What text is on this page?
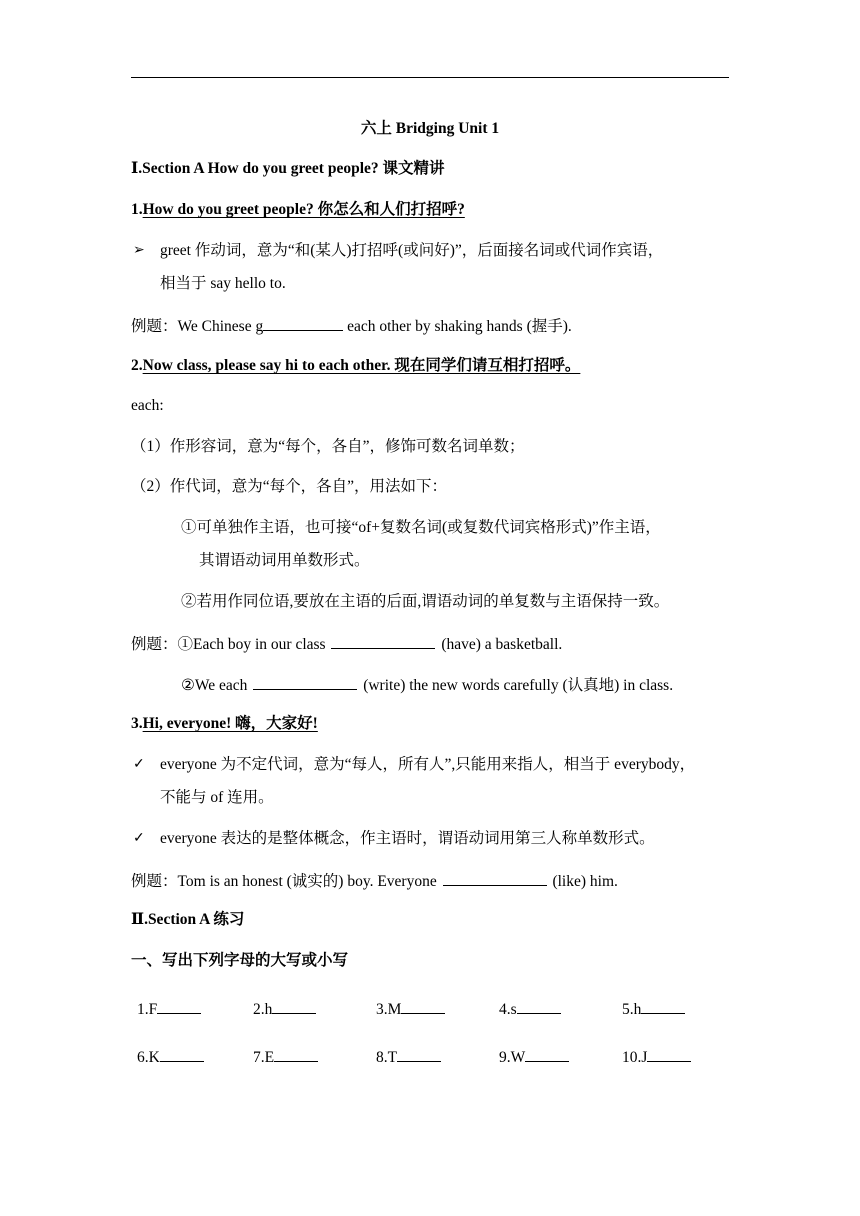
六上 Bridging Unit 1
Ⅰ.Section A How do you greet people? 课文精讲
1.How do you greet people? 你怎么和人们打招呼?
➢ greet 作动词，意为“和(某人)打招呼(或问好)”，后面接名词或代词作宾语，
相当于 say hello to.
例题：We Chinese g	each other by shaking hands (握手).
2.Now class, please say hi to each other. 现在同学们请互相打招呼。
each:
（1）作形容词，意为“每个，各自”，修饰可数名词单数；
（2）作代词，意为“每个，各自”，用法如下：
①可单独作主语，也可接“of+复数名词(或复数代词宾格形式)”作主语，
其谓语动词用单数形式。
②若用作同位语,要放在主语的后面,谓语动词的单复数与主语保持一致。
例题：①Each boy in our class	(have) a basketball.
②We each	(write) the new words carefully (认真地) in class.
3.Hi, everyone! 嗨，大家好!
✓ everyone 为不定代词，意为“每人，所有人”,只能用来指人，相当于 everybody，
不能与 of 连用。
✓ everyone 表达的是整体概念，作主语时，谓语动词用第三人称单数形式。
例题：Tom is an honest (诚实的) boy. Everyone	(like) him.
Ⅱ.Section A 练习
一、写出下列字母的大写或小写
1.F	2.h	3.M	4.s	5.h
6.K	7.E	8.T	9.W	10.J
